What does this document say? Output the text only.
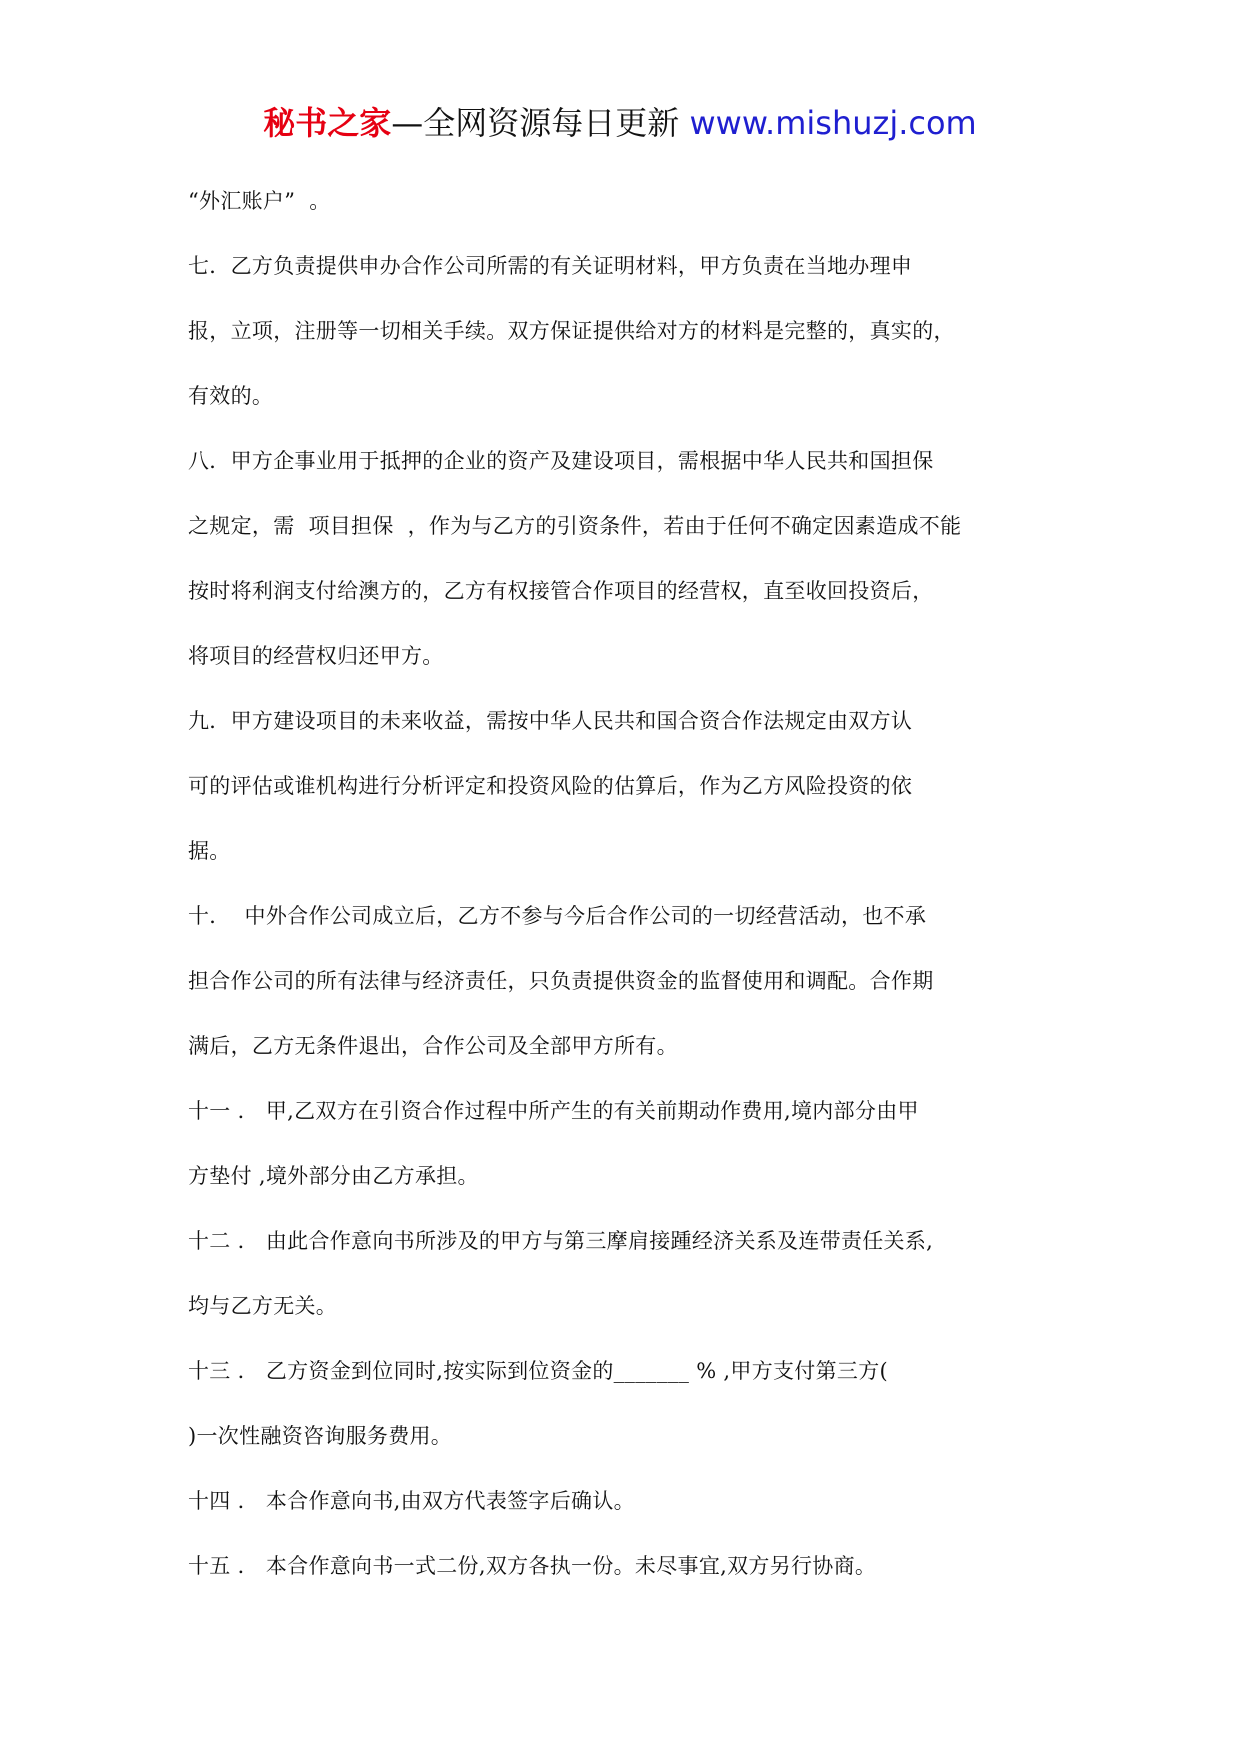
秘书之家—全网资源每日更新 www.mishuzj.com
“外汇账户”  。
七．乙方负责提供申办合作公司所需的有关证明材料，甲方负责在当地办理申
报，立项，注册等一切相关手续。双方保证提供给对方的材料是完整的，真实的，
有效的。
八．甲方企事业用于抵押的企业的资产及建设项目，需根据中华人民共和国担保
之规定，需  项目担保  ，作为与乙方的引资条件，若由于任何不确定因素造成不能
按时将利润支付给澳方的，乙方有权接管合作项目的经营权，直至收回投资后，
将项目的经营权归还甲方。
九．甲方建设项目的未来收益，需按中华人民共和国合资合作法规定由双方认
可的评估或谁机构进行分析评定和投资风险的估算后，作为乙方风险投资的依
据。
十．  中外合作公司成立后，乙方不参与今后合作公司的一切经营活动，也不承
担合作公司的所有法律与经济责任，只负责提供资金的监督使用和调配。合作期
满后，乙方无条件退出，合作公司及全部甲方所有。
十一 ． 甲,乙双方在引资合作过程中所产生的有关前期动作费用,境内部分由甲
方垫付 ,境外部分由乙方承担。
十二 ． 由此合作意向书所涉及的甲方与第三摩肩接踵经济关系及连带责任关系,
均与乙方无关。
十三 ． 乙方资金到位同时,按实际到位资金的_______ % ,甲方支付第三方(
)一次性融资咨询服务费用。
十四 ． 本合作意向书,由双方代表签字后确认。
十五 ． 本合作意向书一式二份,双方各执一份。未尽事宜,双方另行协商。
